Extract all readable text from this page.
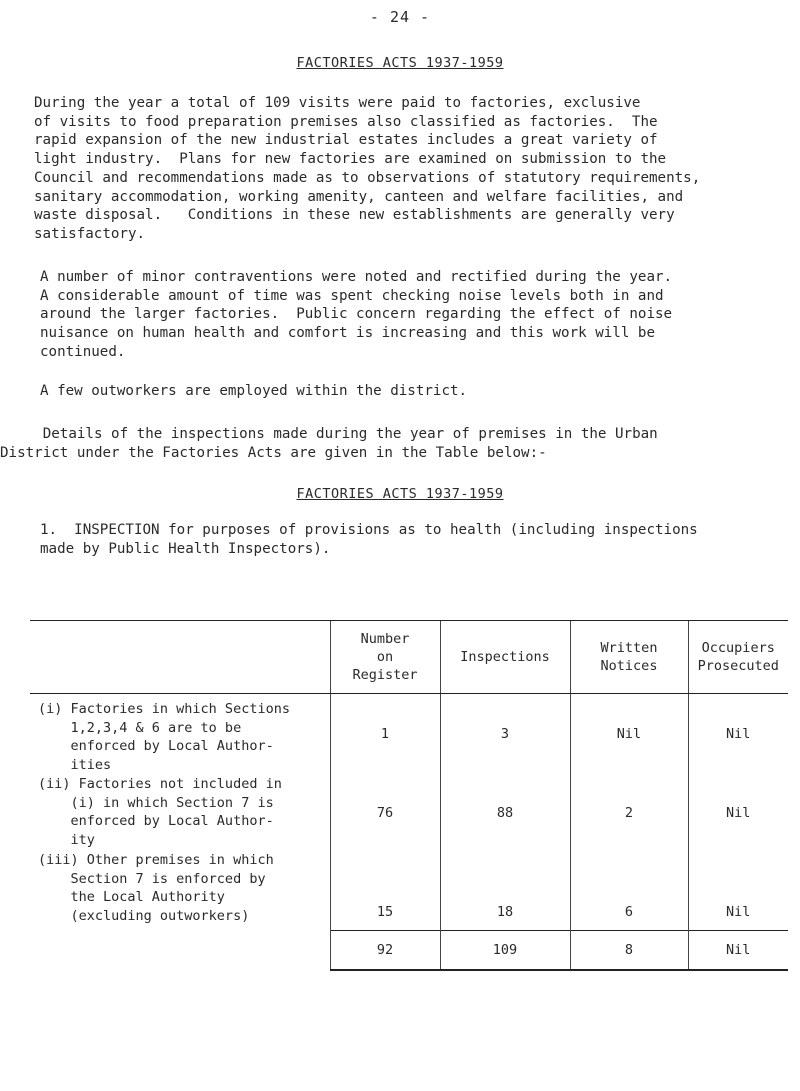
- 24 -
FACTORIES ACTS 1937-1959

During the year a total of 109 visits were paid to factories, exclusive
of visits to food preparation premises also classified as factories.  The
rapid expansion of the new industrial estates includes a great variety of
light industry.  Plans for new factories are examined on submission to the
Council and recommendations made as to observations of statutory requirements,
sanitary accommodation, working amenity, canteen and welfare facilities, and
waste disposal.   Conditions in these new establishments are generally very
satisfactory.

A number of minor contraventions were noted and rectified during the year.
A considerable amount of time was spent checking noise levels both in and
around the larger factories.  Public concern regarding the effect of noise
nuisance on human health and comfort is increasing and this work will be
continued.

A few outworkers are employed within the district.

Details of the inspections made during the year of premises in the Urban
District under the Factories Acts are given in the Table below:-

FACTORIES ACTS 1937-1959

1.  INSPECTION for purposes of provisions as to health (including inspections
made by Public Health Inspectors).

	Number
on
Register	Inspections	Written
Notices	Occupiers
Prosecuted
(i) Factories in which Sections
1,2,3,4 & 6 are to be
enforced by Local Author-
ities	1	3	Nil	Nil
(ii) Factories not included in
(i) in which Section 7 is
enforced by Local Author-
ity	76	88	2	Nil
(iii) Other premises in which
Section 7 is enforced by
the Local Authority
(excluding outworkers)	15	18	6	Nil
	92	109	8	Nil
